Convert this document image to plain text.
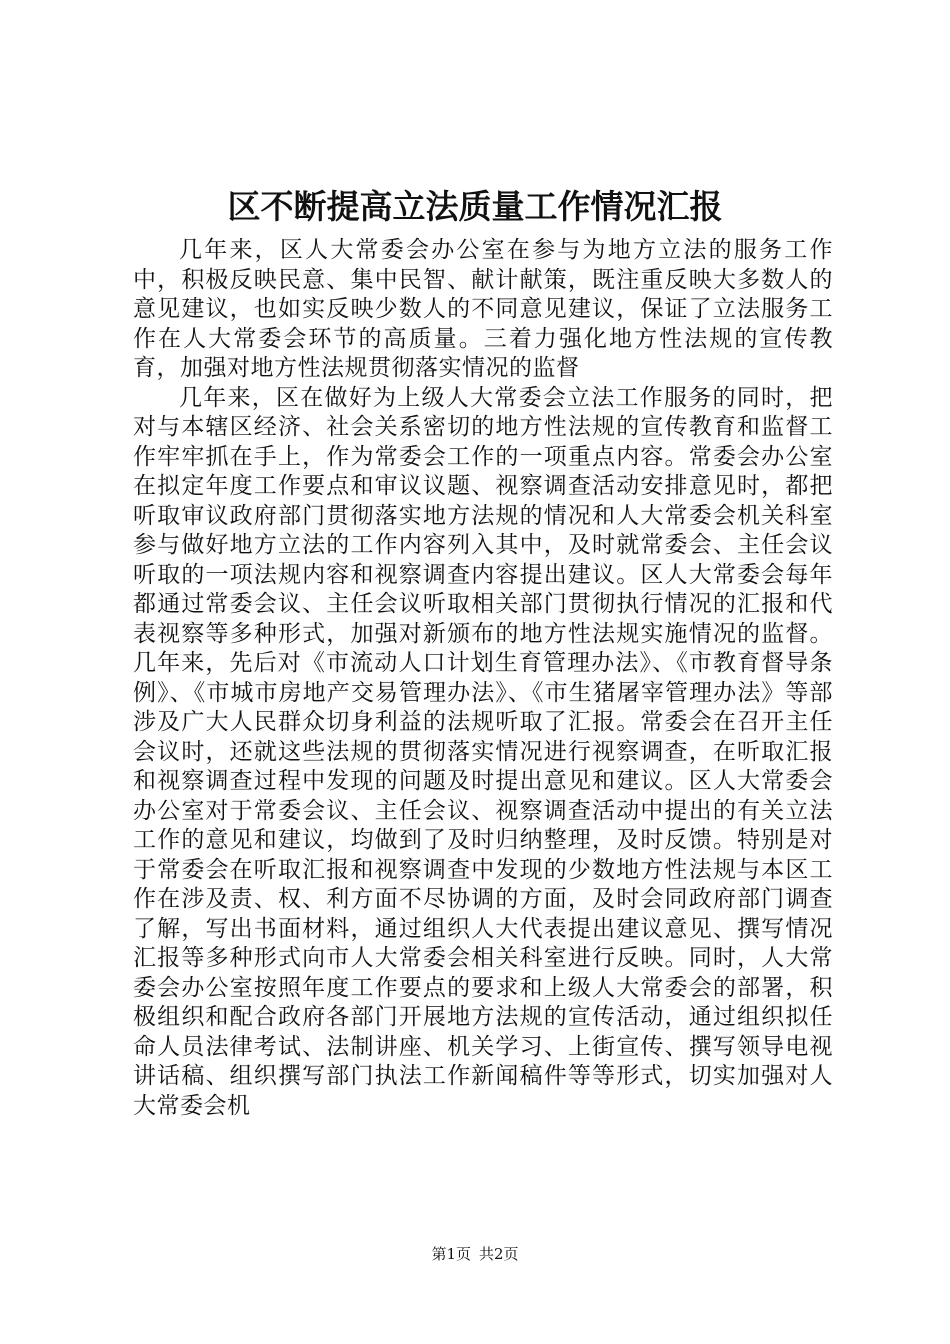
区不断提高立法质量工作情况汇报

几年来，区人大常委会办公室在参与为地方立法的服务工作中，积极反映民意、集中民智、献计献策，既注重反映大多数人的意见建议，也如实反映少数人的不同意见建议，保证了立法服务工作在人大常委会环节的高质量。三着力强化地方性法规的宣传教育，加强对地方性法规贯彻落实情况的监督

几年来，区在做好为上级人大常委会立法工作服务的同时，把对与本辖区经济、社会关系密切的地方性法规的宣传教育和监督工作牢牢抓在手上，作为常委会工作的一项重点内容。常委会办公室在拟定年度工作要点和审议议题、视察调查活动安排意见时，都把听取审议政府部门贯彻落实地方法规的情况和人大常委会机关科室参与做好地方立法的工作内容列入其中，及时就常委会、主任会议听取的一项法规内容和视察调查内容提出建议。区人大常委会每年都通过常委会议、主任会议听取相关部门贯彻执行情况的汇报和代表视察等多种形式，加强对新颁布的地方性法规实施情况的监督。几年来，先后对《市流动人口计划生育管理办法》、《市教育督导条例》、《市城市房地产交易管理办法》、《市生猪屠宰管理办法》等部涉及广大人民群众切身利益的法规听取了汇报。常委会在召开主任会议时，还就这些法规的贯彻落实情况进行视察调查，在听取汇报和视察调查过程中发现的问题及时提出意见和建议。区人大常委会办公室对于常委会议、主任会议、视察调查活动中提出的有关立法工作的意见和建议，均做到了及时归纳整理，及时反馈。特别是对于常委会在听取汇报和视察调查中发现的少数地方性法规与本区工作在涉及责、权、利方面不尽协调的方面，及时会同政府部门调查了解，写出书面材料，通过组织人大代表提出建议意见、撰写情况汇报等多种形式向市人大常委会相关科室进行反映。同时，人大常委会办公室按照年度工作要点的要求和上级人大常委会的部署，积极组织和配合政府各部门开展地方法规的宣传活动，通过组织拟任命人员法律考试、法制讲座、机关学习、上街宣传、撰写领导电视讲话稿、组织撰写部门执法工作新闻稿件等等形式，切实加强对人大常委会机

第1页 共2页
